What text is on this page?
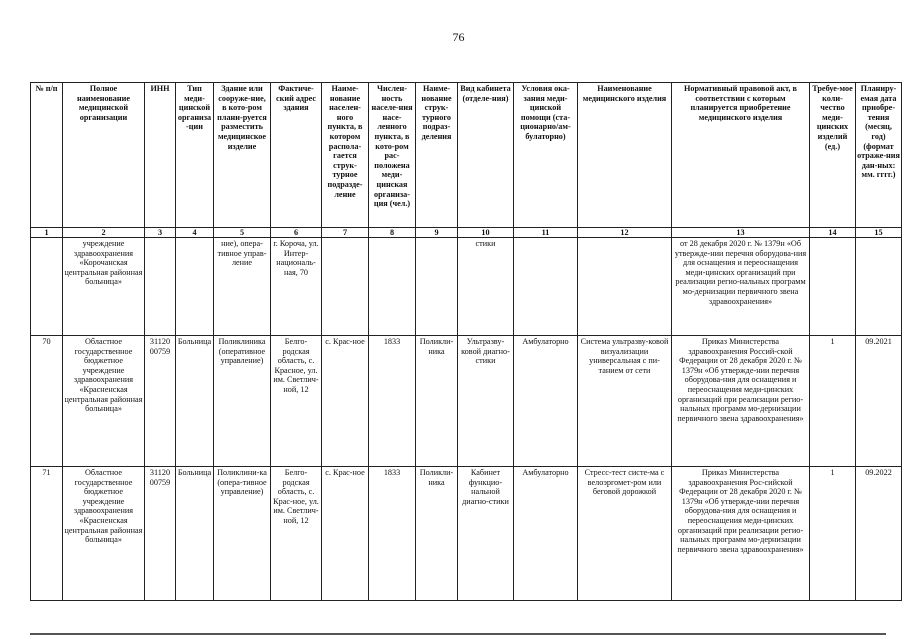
76
№ п/п	Полное наименование медицинской организации	ИНН	Тип меди-цинской организа-ции	Здание или сооруже-ние, в кото-ром плани-руется разместить медицинское изделие	Фактиче-ский адрес здания	Наиме-нование населен-ного пункта, в котором распола-гается струк-турное подразде-ление	Числен-ность населе-ния насе-ленного пункта, в кото-ром рас-положена меди-цинская организа-ция (чел.)	Наиме-нование струк-турного подраз-деления	Вид кабинета (отделе-ния)	Условия ока-зания меди-цинской помощи (ста-ционарно/ам-булаторно)	Наименование медицинского изделия	Нормативный правовой акт, в соответствии с которым планируется приобретение медицинского изделия	Требуе-мое коли-чество меди-цинских изделий (ед.)	Планиру-емая дата приобре-тения (месяц, год) (формат отраже-ния дан-ных: мм. гггг.)
1	2	3	4	5	6	7	8	9	10	11	12	13	14	15
	учреждение здравоохранения «Корочанская центральная районная больница»			ние), опера-тивное управ-ление	г. Короча, ул. Интер-националь-ная, 70				стики			от 28 декабря 2020 г. № 1379н «Об утвержде-нии перечня оборудова-ния для оснащения и переоснащения меди-цинских организаций при реализации регио-нальных программ мо-дернизации первичного звена здравоохранения»		
70	Областное государственное бюджетное учреждение здравоохранения «Красненская центральная районная больница»	31120 00759	Больница	Поликлиника (оперативное управление)	Белго-родская область, с. Красное, ул. им. Светлич-ной, 12	с. Крас-ное	1833	Поликли-ника	Ультразву-ковой диагно-стики	Амбулаторно	Система ультразву-ковой визуализации универсальная с пи-танием от сети	Приказ Министерства здравоохранения Россий-ской Федерации от 28 декабря 2020 г. № 1379н «Об утвержде-нии перечня оборудова-ния для оснащения и переоснащения меди-цинских организаций при реализации регио-нальных программ мо-дернизации первичного звена здравоохранения»	1	09.2021
71	Областное государственное бюджетное учреждение здравоохранения «Красненская центральная районная больница»	31120 00759	Больница	Поликлини-ка (опера-тивное управление)	Белго-родская область, с. Крас-ное, ул. им. Светлич-ной, 12	с. Крас-ное	1833	Поликли-ника	Кабинет функцио-нальной диагно-стики	Амбулаторно	Стресс-тест систе-ма с велоэргомет-ром или беговой дорожкой	Приказ Министерства здравоохранения Рос-сийской Федерации от 28 декабря 2020 г. № 1379н «Об утвержде-нии перечня оборудова-ния для оснащения и переоснащения меди-цинских организаций при реализации регио-нальных программ мо-дернизации первичного звена здравоохранения»	1	09.2022
